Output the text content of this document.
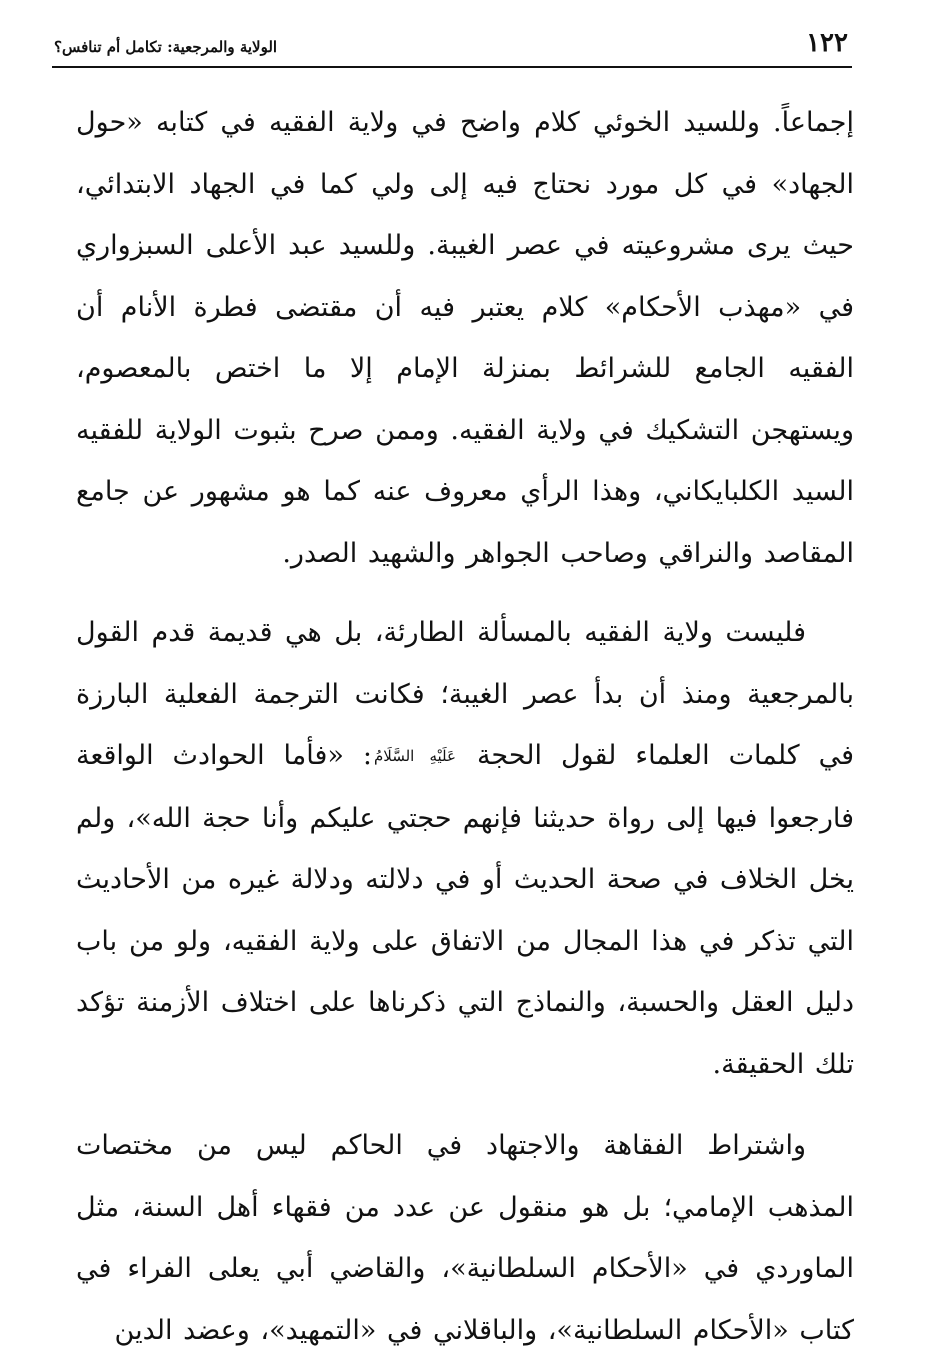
١٢٢
الولاية والمرجعية: تكامل أم تنافس؟

إجماعاً. وللسيد الخوئي كلام واضح في ولاية الفقيه في كتابه «حول الجهاد» في كل مورد نحتاج فيه إلى ولي كما في الجهاد الابتدائي، حيث يرى مشروعيته في عصر الغيبة. وللسيد عبد الأعلى السبزواري في «مهذب الأحكام» كلام يعتبر فيه أن مقتضى فطرة الأنام أن الفقيه الجامع للشرائط بمنزلة الإمام إلا ما اختص بالمعصوم، ويستهجن التشكيك في ولاية الفقيه. وممن صرح بثبوت الولاية للفقيه السيد الكلبايكاني، وهذا الرأي معروف عنه كما هو مشهور عن جامع المقاصد والنراقي وصاحب الجواهر والشهيد الصدر.

فليست ولاية الفقيه بالمسألة الطارئة، بل هي قديمة قدم القول بالمرجعية ومنذ أن بدأ عصر الغيبة؛ فكانت الترجمة الفعلية البارزة في كلمات العلماء لقول الحجة عَلَيْهِ السَّلَامُ: «فأما الحوادث الواقعة فارجعوا فيها إلى رواة حديثنا فإنهم حجتي عليكم وأنا حجة الله»، ولم يخل الخلاف في صحة الحديث أو في دلالته ودلالة غيره من الأحاديث التي تذكر في هذا المجال من الاتفاق على ولاية الفقيه، ولو من باب دليل العقل والحسبة، والنماذج التي ذكرناها على اختلاف الأزمنة تؤكد تلك الحقيقة.

واشتراط الفقاهة والاجتهاد في الحاكم ليس من مختصات المذهب الإمامي؛ بل هو منقول عن عدد من فقهاء أهل السنة، مثل الماوردي في «الأحكام السلطانية»، والقاضي أبي يعلى الفراء في كتاب «الأحكام السلطانية»، والباقلاني في «التمهيد»، وعضد الدين
